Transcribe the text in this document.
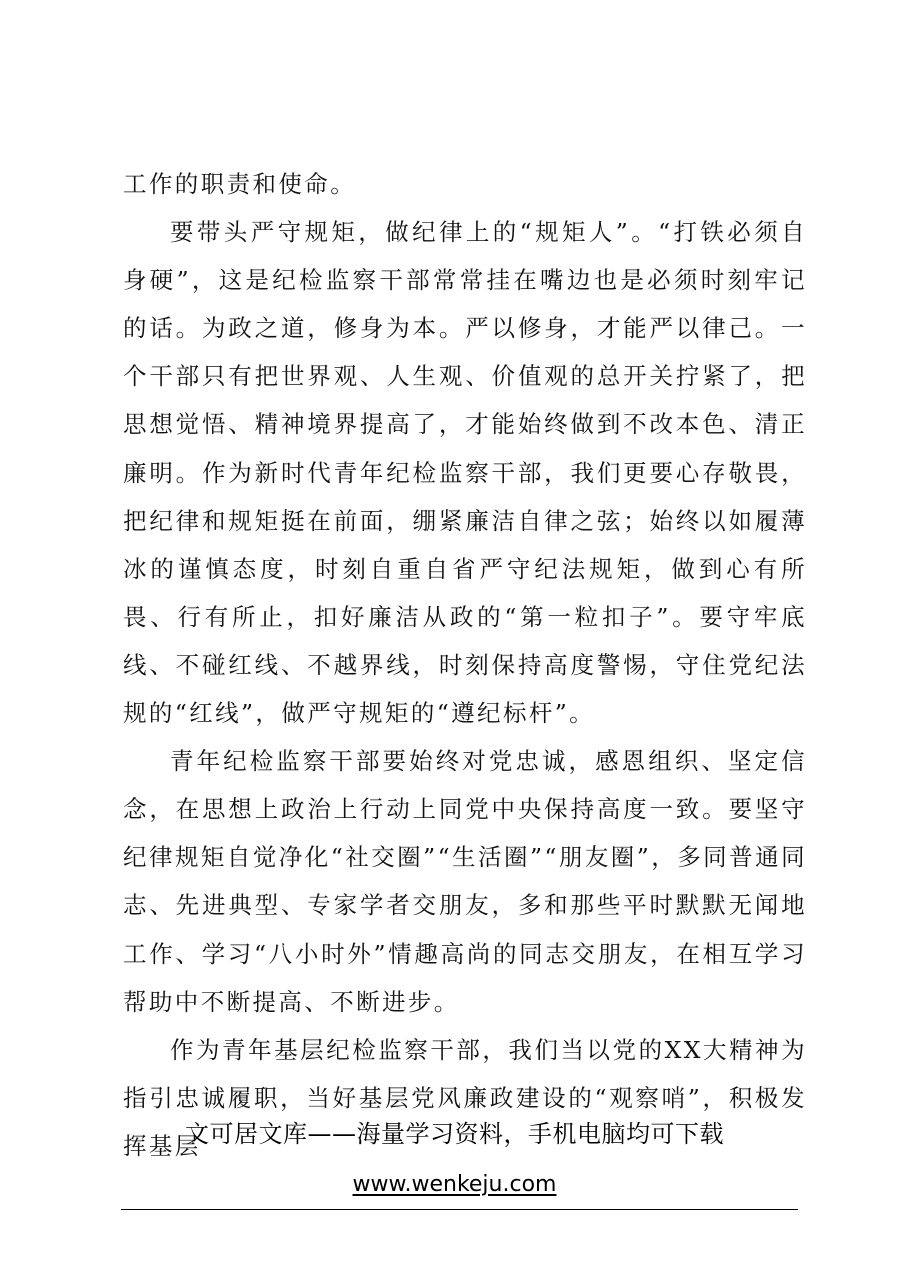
工作的职责和使命。

要带头严守规矩，做纪律上的“规矩人”。“打铁必须自身硬”，这是纪检监察干部常常挂在嘴边也是必须时刻牢记的话。为政之道，修身为本。严以修身，才能严以律己。一个干部只有把世界观、人生观、价值观的总开关拧紧了，把思想觉悟、精神境界提高了，才能始终做到不改本色、清正廉明。作为新时代青年纪检监察干部，我们更要心存敬畏，把纪律和规矩挺在前面，绷紧廉洁自律之弦；始终以如履薄冰的谨慎态度，时刻自重自省严守纪法规矩，做到心有所畏、行有所止，扣好廉洁从政的“第一粒扣子”。要守牢底线、不碰红线、不越界线，时刻保持高度警惕，守住党纪法规的“红线”，做严守规矩的“遵纪标杆”。

青年纪检监察干部要始终对党忠诚，感恩组织、坚定信念，在思想上政治上行动上同党中央保持高度一致。要坚守纪律规矩自觉净化“社交圈”“生活圈”“朋友圈”，多同普通同志、先进典型、专家学者交朋友，多和那些平时默默无闻地工作、学习“八小时外”情趣高尚的同志交朋友，在相互学习帮助中不断提高、不断进步。

作为青年基层纪检监察干部，我们当以党的XX大精神为指引忠诚履职，当好基层党风廉政建设的“观察哨”，积极发挥基层

文可居文库——海量学习资料，手机电脑均可下载
www.wenkeju.com
